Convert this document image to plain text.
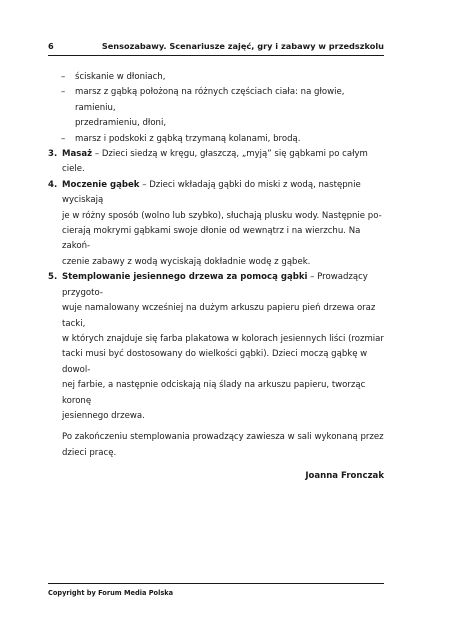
6	Sensozabawy. Scenariusze zajęć, gry i zabawy w przedszkolu
–	ściskanie w dłoniach,
–	marsz z gąbką położoną na różnych częściach ciała: na głowie, ramieniu,
przedramieniu, dłoni,
–	marsz i podskoki z gąbką trzymaną kolanami, brodą.
3. Masaż – Dzieci siedzą w kręgu, głaszczą, „myją” się gąbkami po całym ciele.
4. Moczenie gąbek – Dzieci wkładają gąbki do miski z wodą, następnie wyciskają
je w różny sposób (wolno lub szybko), słuchają plusku wody. Następnie po-
cierają mokrymi gąbkami swoje dłonie od wewnątrz i na wierzchu. Na zakoń-
czenie zabawy z wodą wyciskają dokładnie wodę z gąbek.
5. Stemplowanie jesiennego drzewa za pomocą gąbki – Prowadzący przygoto-
wuje namalowany wcześniej na dużym arkuszu papieru pień drzewa oraz tacki,
w których znajduje się farba plakatowa w kolorach jesiennych liści (rozmiar
tacki musi być dostosowany do wielkości gąbki). Dzieci moczą gąbkę w dowol-
nej farbie, a następnie odciskają nią ślady na arkuszu papieru, tworząc koronę
jesiennego drzewa.
Po zakończeniu stemplowania prowadzący zawiesza w sali wykonaną przez
dzieci pracę.
Joanna Fronczak
Copyright by Forum Media Polska
